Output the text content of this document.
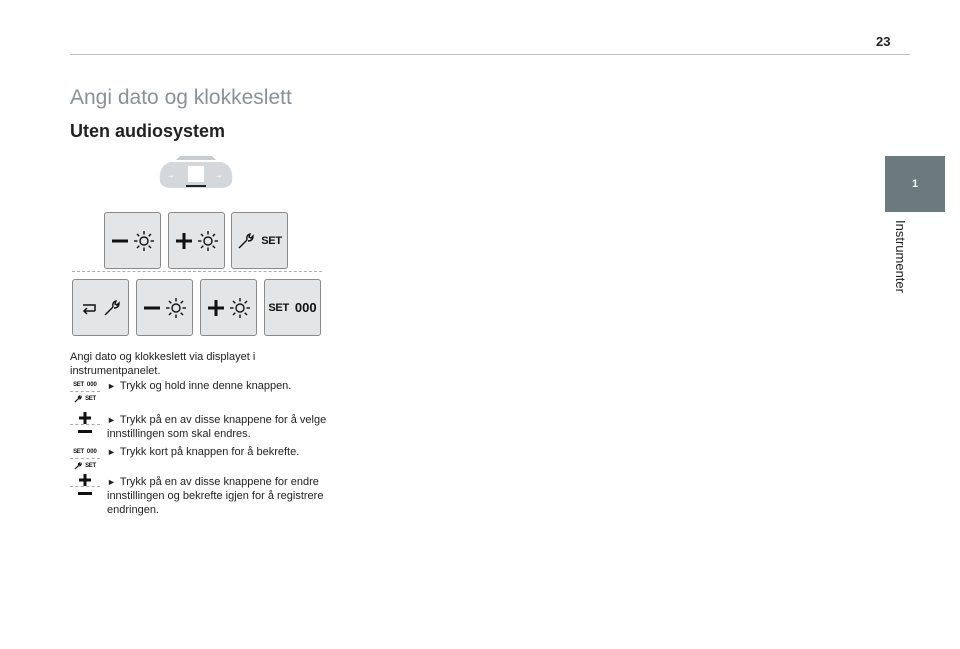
23
Angi dato og klokkeslett
Uten audiosystem
1
Instrumenter
→	→
SET
SET 000
Angi dato og klokkeslett via displayet i instrumentpanelet.
SET 000
SET
► Trykk og hold inne denne knappen.
► Trykk på en av disse knappene for å velge innstillingen som skal endres.
SET 000
SET
► Trykk kort på knappen for å bekrefte.
► Trykk på en av disse knappene for endre innstillingen og bekrefte igjen for å registrere endringen.
